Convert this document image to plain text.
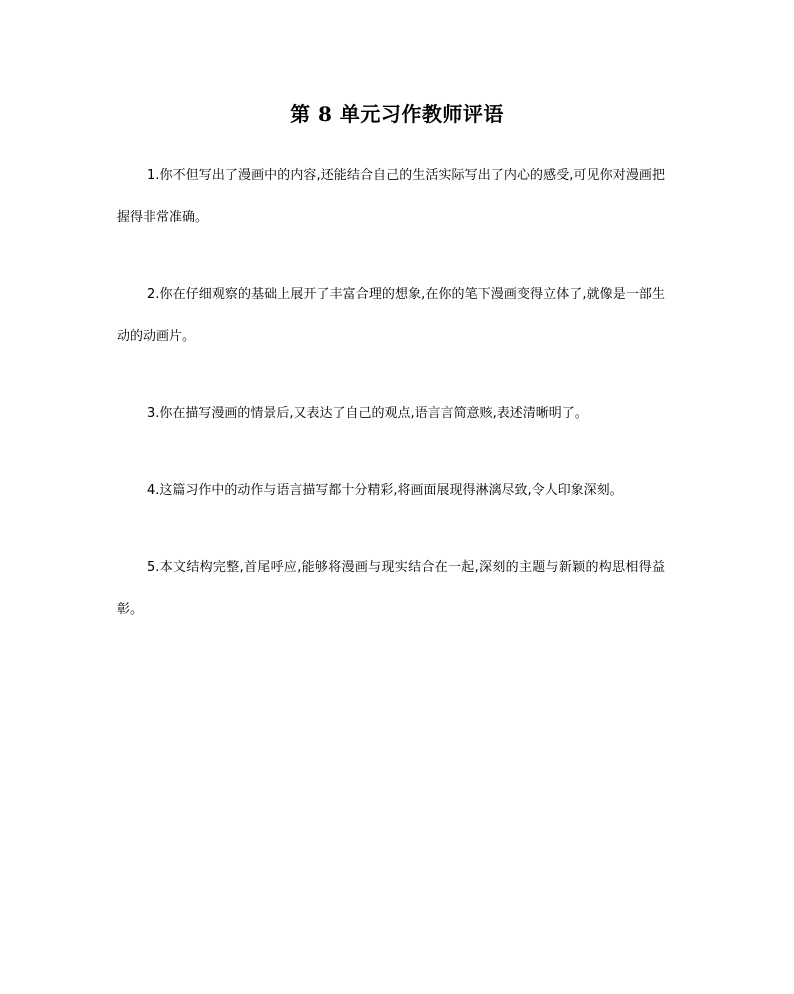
第 8 单元习作教师评语

1.你不但写出了漫画中的内容,还能结合自己的生活实际写出了内心的感受,可见你对漫画把握得非常准确。

2.你在仔细观察的基础上展开了丰富合理的想象,在你的笔下漫画变得立体了,就像是一部生动的动画片。

3.你在描写漫画的情景后,又表达了自己的观点,语言言简意赅,表述清晰明了。

4.这篇习作中的动作与语言描写都十分精彩,将画面展现得淋漓尽致,令人印象深刻。

5.本文结构完整,首尾呼应,能够将漫画与现实结合在一起,深刻的主题与新颖的构思相得益彰。
